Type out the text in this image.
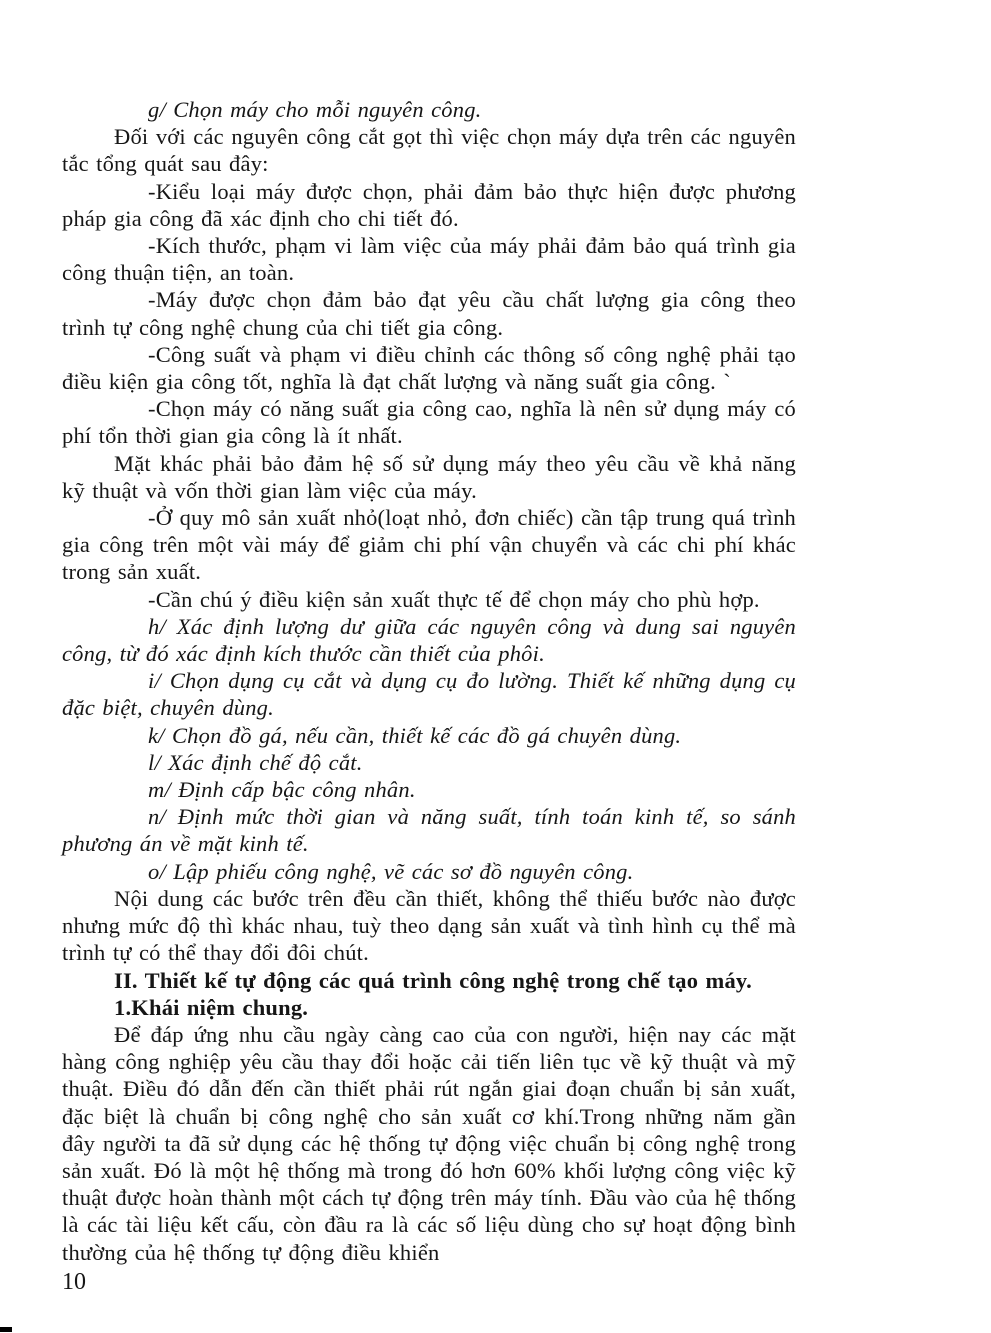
g/ Chọn máy cho mỗi nguyên công.

Đối với các nguyên công cắt gọt thì việc chọn máy dựa trên các nguyên tắc tổng quát sau đây:

-Kiểu loại máy được chọn, phải đảm bảo thực hiện được phương pháp gia công đã xác định cho chi tiết đó.

-Kích thước, phạm vi làm việc của máy phải đảm bảo quá trình gia công thuận tiện, an toàn.

-Máy được chọn đảm bảo đạt yêu cầu chất lượng gia công theo trình tự công nghệ chung của chi tiết gia công.

-Công suất và phạm vi điều chỉnh các thông số công nghệ phải tạo điều kiện gia công tốt, nghĩa là đạt chất lượng và năng suất gia công. `

-Chọn máy có năng suất gia công cao, nghĩa là nên sử dụng máy có phí tổn thời gian gia công là ít nhất.

Mặt khác phải bảo đảm hệ số sử dụng máy theo yêu cầu về khả năng kỹ thuật và vốn thời gian làm việc của máy.

-Ở quy mô sản xuất nhỏ(loạt nhỏ, đơn chiếc) cần tập trung quá trình gia công trên một vài máy để giảm chi phí vận chuyển và các chi phí khác trong sản xuất.

-Cần chú ý điều kiện sản xuất thực tế để chọn máy cho phù hợp.

h/ Xác định lượng dư giữa các nguyên công và dung sai nguyên công, từ đó xác định kích thước cần thiết của phôi.

i/ Chọn dụng cụ cắt và dụng cụ đo lường. Thiết kế những dụng cụ đặc biệt, chuyên dùng.

k/ Chọn đồ gá, nếu cần, thiết kế các đồ gá chuyên dùng.

l/ Xác định chế độ cắt.

m/ Định cấp bậc công nhân.

n/ Định mức thời gian và năng suất, tính toán kinh tế, so sánh phương án về mặt kinh tế.

o/ Lập phiếu công nghệ, vẽ các sơ đồ nguyên công.

Nội dung các bước trên đều cần thiết, không thể thiếu bước nào được nhưng mức độ thì khác nhau, tuỳ theo dạng sản xuất và tình hình cụ thể mà trình tự có thể thay đổi đôi chút.

II. Thiết kế tự động các quá trình công nghệ trong chế tạo máy.

1.Khái niệm chung.

Để đáp ứng nhu cầu ngày càng cao của con người, hiện nay các mặt hàng công nghiệp yêu cầu thay đổi hoặc cải tiến liên tục về kỹ thuật và mỹ thuật. Điều đó dẫn đến cần thiết phải rút ngắn giai đoạn chuẩn bị sản xuất, đặc biệt là chuẩn bị công nghệ cho sản xuất cơ khí.Trong những năm gần đây người ta đã sử dụng các hệ thống tự động việc chuẩn bị công nghệ trong sản xuất. Đó là một hệ thống mà trong đó hơn 60% khối lượng công việc kỹ thuật được hoàn thành một cách tự động trên máy tính. Đầu vào của hệ thống là các tài liệu kết cấu, còn đầu ra là các số liệu dùng cho sự hoạt động bình thường của hệ thống tự động điều khiển

10
